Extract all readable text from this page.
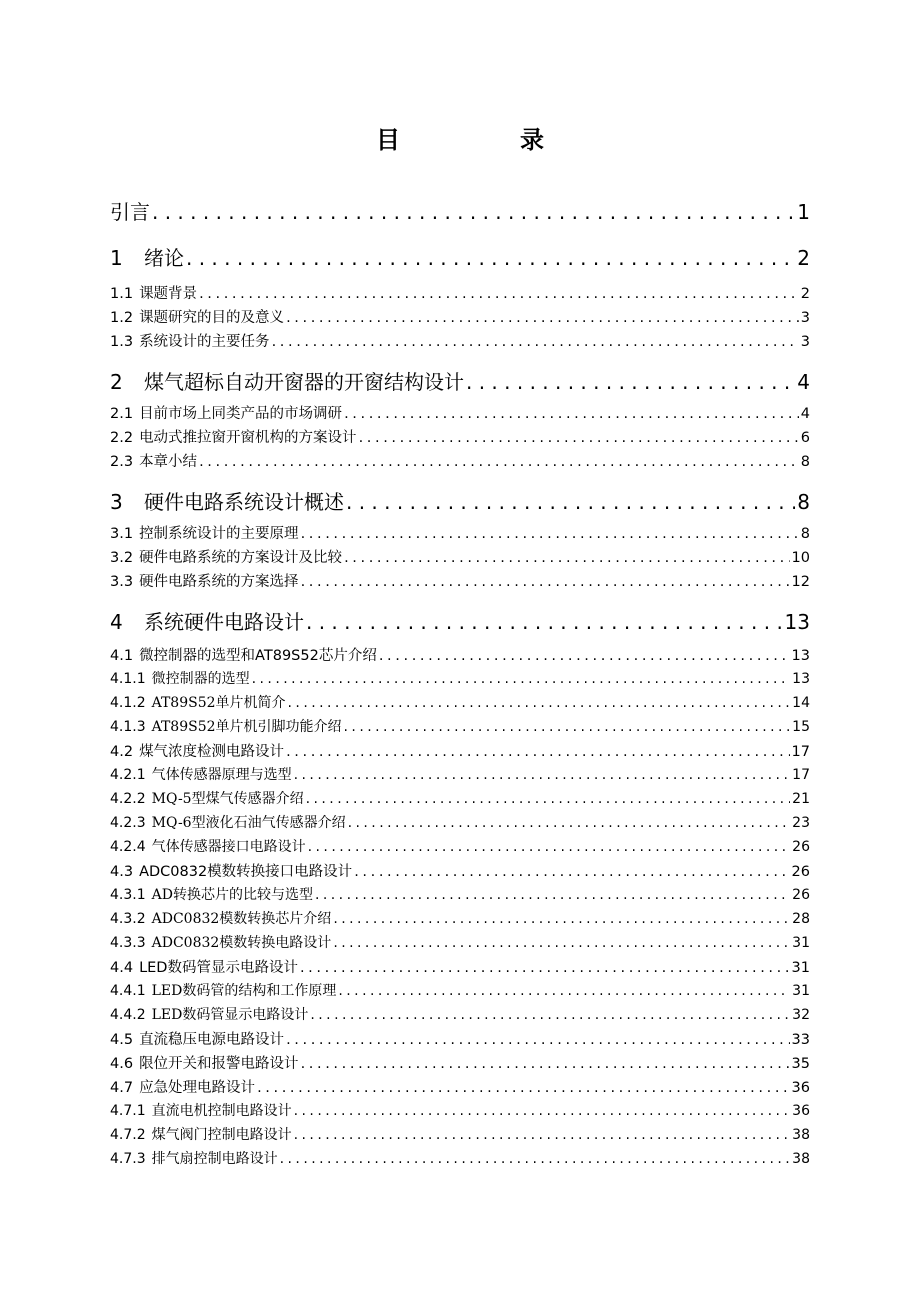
目　录
引言 . . .	1
1	绪论 . . .	2
1.1 课题背景 . . .	2
1.2 课题研究的目的及意义 . . .	3
1.3 系统设计的主要任务 . . .	3
2	煤气超标自动开窗器的开窗结构设计 . . .	4
2.1 目前市场上同类产品的市场调研 . . .	4
2.2 电动式推拉窗开窗机构的方案设计 . . .	6
2.3 本章小结 . . .	8
3	硬件电路系统设计概述 . . .	8
3.1 控制系统设计的主要原理 . . .	8
3.2 硬件电路系统的方案设计及比较 . . .	10
3.3 硬件电路系统的方案选择 . . .	12
4	系统硬件电路设计 . . .	13
4.1 微控制器的选型和AT89S52芯片介绍 . . .	13
4.1.1 微控制器的选型 . . .	13
4.1.2 AT89S52单片机简介 . . .	14
4.1.3 AT89S52单片机引脚功能介绍 . . .	15
4.2 煤气浓度检测电路设计 . . .	17
4.2.1 气体传感器原理与选型 . . .	17
4.2.2 MQ-5型煤气传感器介绍 . . .	21
4.2.3 MQ-6型液化石油气传感器介绍 . . .	23
4.2.4 气体传感器接口电路设计 . . .	26
4.3 ADC0832模数转换接口电路设计 . . .	26
4.3.1 AD转换芯片的比较与选型 . . .	26
4.3.2 ADC0832模数转换芯片介绍 . . .	28
4.3.3 ADC0832模数转换电路设计 . . .	31
4.4 LED数码管显示电路设计 . . .	31
4.4.1 LED数码管的结构和工作原理 . . .	31
4.4.2 LED数码管显示电路设计 . . .	32
4.5 直流稳压电源电路设计 . . .	33
4.6 限位开关和报警电路设计 . . .	35
4.7 应急处理电路设计 . . .	36
4.7.1 直流电机控制电路设计 . . .	36
4.7.2 煤气阀门控制电路设计 . . .	38
4.7.3 排气扇控制电路设计 . . .	38
